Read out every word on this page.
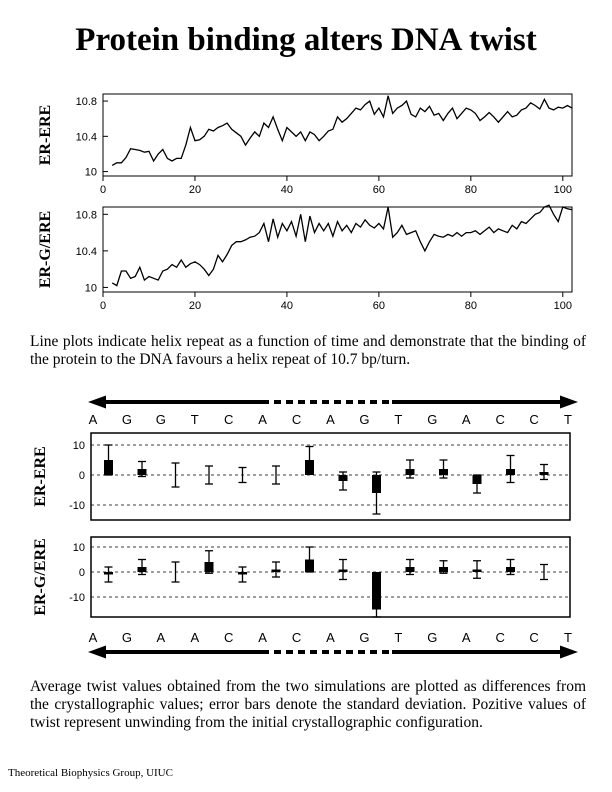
Protein binding alters DNA twist
10
10.4
10.8
0	20	40	60	80	100
ER-ERE
10
10.4
10.8
0	20	40	60	80	100
ER-G/ERE
A G G T C A C A G T G A C C T
-10
0
10
ER-ERE
-10
0
10
ER-G/ERE
A G A A C A C A G T G A C C T

Line plots indicate helix repeat as a function of time and demonstrate that the binding of the protein to the DNA favours a helix repeat of 10.7 bp/turn.

Average twist values obtained from the two simulations are plotted as differences from the crystallographic values; error bars denote the standard deviation. Pozitive values of twist represent unwinding from the initial crystallographic configuration.

Theoretical Biophysics Group, UIUC
